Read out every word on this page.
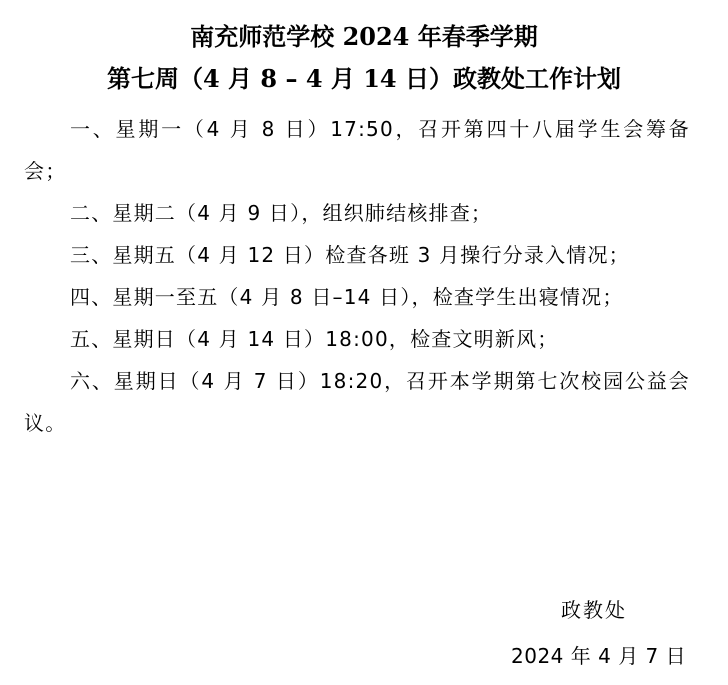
南充师范学校 2024 年春季学期
第七周（4 月 8 – 4 月 14 日）政教处工作计划
一、星期一（4 月 8 日）17:50，召开第四十八届学生会筹备会；
二、星期二（4 月 9 日），组织肺结核排查；
三、星期五（4 月 12 日）检查各班 3 月操行分录入情况；
四、星期一至五（4 月 8 日–14 日），检查学生出寝情况；
五、星期日（4 月 14 日）18:00，检查文明新风；
六、星期日（4 月 7 日）18:20，召开本学期第七次校园公益会议。
政教处
2024 年 4 月 7 日
